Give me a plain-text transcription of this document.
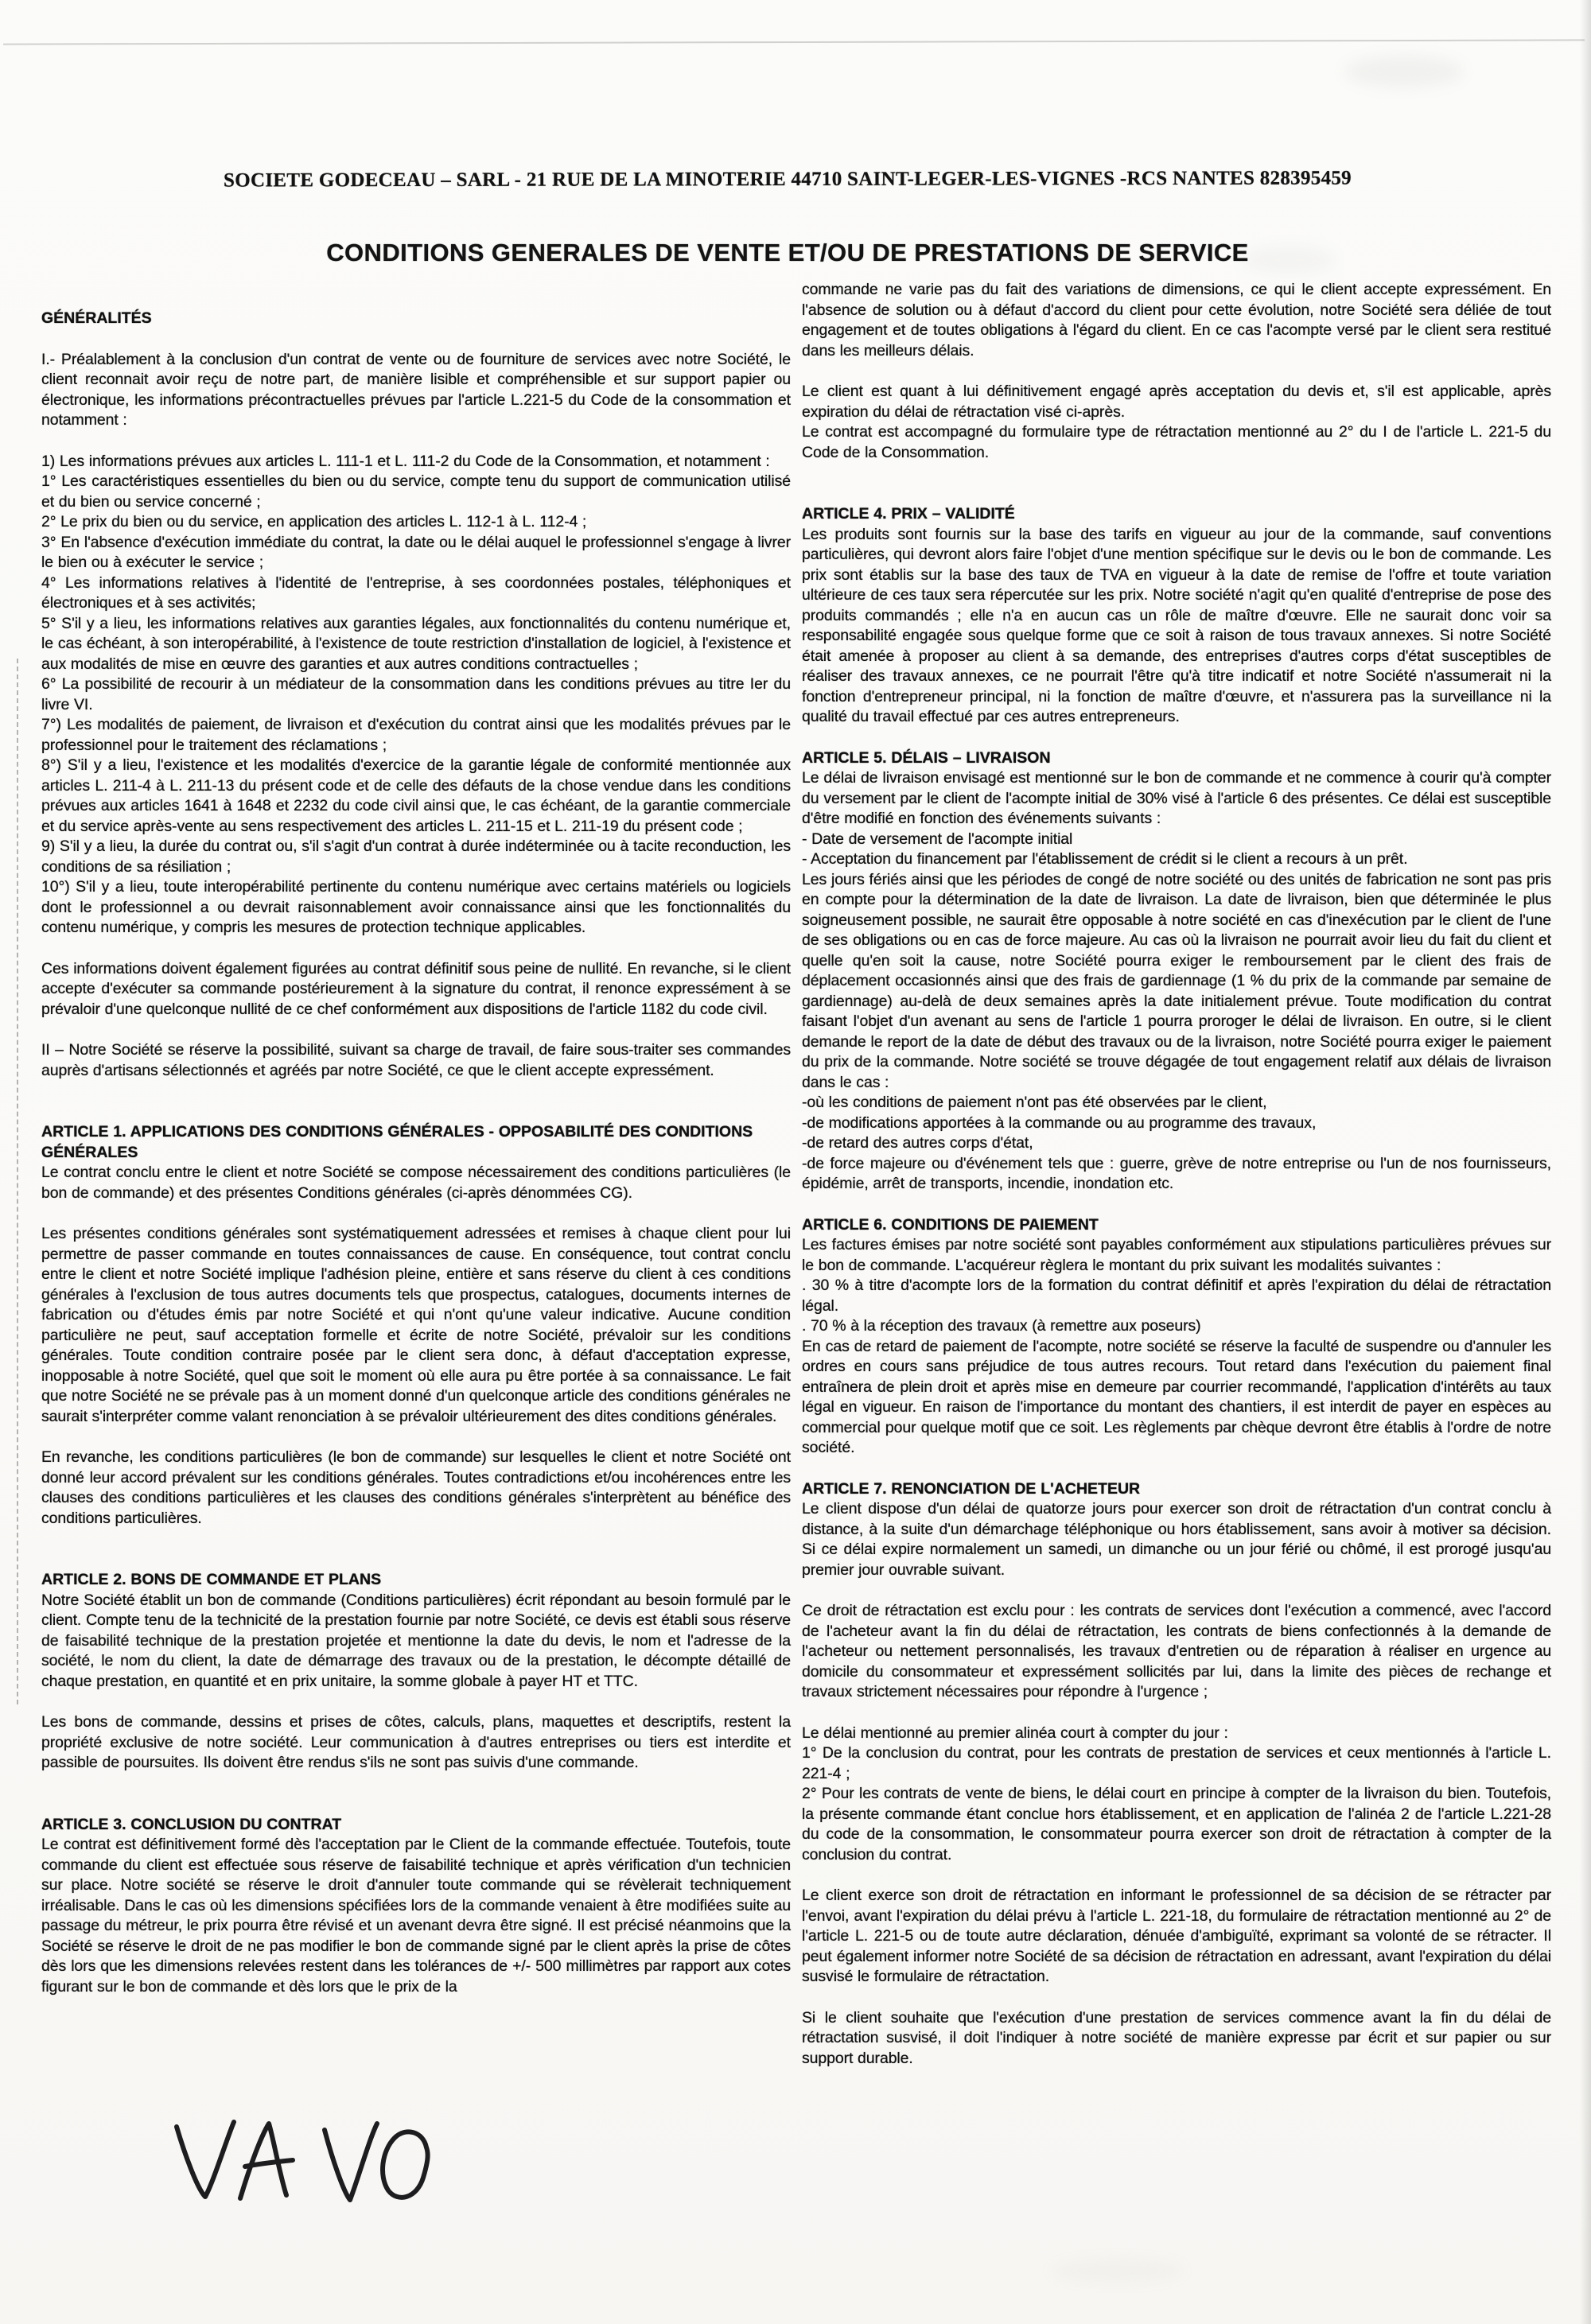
SOCIETE GODECEAU – SARL - 21 RUE DE LA MINOTERIE 44710 SAINT-LEGER-LES-VIGNES -RCS NANTES 828395459
CONDITIONS GENERALES DE VENTE ET/OU DE PRESTATIONS DE SERVICE
GÉNÉRALITÉS
I.- Préalablement à la conclusion d'un contrat de vente ou de fourniture de services avec notre Société, le client reconnait avoir reçu de notre part, de manière lisible et compréhensible et sur support papier ou électronique, les informations précontractuelles prévues par l'article L.221-5 du Code de la consommation et notamment :
1) Les informations prévues aux articles L. 111-1 et L. 111-2 du Code de la Consommation, et notamment :
1° Les caractéristiques essentielles du bien ou du service, compte tenu du support de communication utilisé et du bien ou service concerné ;
2° Le prix du bien ou du service, en application des articles L. 112-1 à L. 112-4 ;
3° En l'absence d'exécution immédiate du contrat, la date ou le délai auquel le professionnel s'engage à livrer le bien ou à exécuter le service ;
4° Les informations relatives à l'identité de l'entreprise, à ses coordonnées postales, téléphoniques et électroniques et à ses activités;
5° S'il y a lieu, les informations relatives aux garanties légales, aux fonctionnalités du contenu numérique et, le cas échéant, à son interopérabilité, à l'existence de toute restriction d'installation de logiciel, à l'existence et aux modalités de mise en œuvre des garanties et aux autres conditions contractuelles ;
6° La possibilité de recourir à un médiateur de la consommation dans les conditions prévues au titre Ier du livre VI.
7°) Les modalités de paiement, de livraison et d'exécution du contrat ainsi que les modalités prévues par le professionnel pour le traitement des réclamations ;
8°) S'il y a lieu, l'existence et les modalités d'exercice de la garantie légale de conformité mentionnée aux articles L. 211-4 à L. 211-13 du présent code et de celle des défauts de la chose vendue dans les conditions prévues aux articles 1641 à 1648 et 2232 du code civil ainsi que, le cas échéant, de la garantie commerciale et du service après-vente au sens respectivement des articles L. 211-15 et L. 211-19 du présent code ;
9) S'il y a lieu, la durée du contrat ou, s'il s'agit d'un contrat à durée indéterminée ou à tacite reconduction, les conditions de sa résiliation ;
10°) S'il y a lieu, toute interopérabilité pertinente du contenu numérique avec certains matériels ou logiciels dont le professionnel a ou devrait raisonnablement avoir connaissance ainsi que les fonctionnalités du contenu numérique, y compris les mesures de protection technique applicables.
Ces informations doivent également figurées au contrat définitif sous peine de nullité. En revanche, si le client accepte d'exécuter sa commande postérieurement à la signature du contrat, il renonce expressément à se prévaloir d'une quelconque nullité de ce chef conformément aux dispositions de l'article 1182 du code civil.
II – Notre Société se réserve la possibilité, suivant sa charge de travail, de faire sous-traiter ses commandes auprès d'artisans sélectionnés et agréés par notre Société, ce que le client accepte expressément.
ARTICLE 1. APPLICATIONS DES CONDITIONS GÉNÉRALES - OPPOSABILITÉ DES CONDITIONS GÉNÉRALES
Le contrat conclu entre le client et notre Société se compose nécessairement des conditions particulières (le bon de commande) et des présentes Conditions générales (ci-après dénommées CG).
Les présentes conditions générales sont systématiquement adressées et remises à chaque client pour lui permettre de passer commande en toutes connaissances de cause. En conséquence, tout contrat conclu entre le client et notre Société implique l'adhésion pleine, entière et sans réserve du client à ces conditions générales à l'exclusion de tous autres documents tels que prospectus, catalogues, documents internes de fabrication ou d'études émis par notre Société et qui n'ont qu'une valeur indicative. Aucune condition particulière ne peut, sauf acceptation formelle et écrite de notre Société, prévaloir sur les conditions générales. Toute condition contraire posée par le client sera donc, à défaut d'acceptation expresse, inopposable à notre Société, quel que soit le moment où elle aura pu être portée à sa connaissance. Le fait que notre Société ne se prévale pas à un moment donné d'un quelconque article des conditions générales ne saurait s'interpréter comme valant renonciation à se prévaloir ultérieurement des dites conditions générales.
En revanche, les conditions particulières (le bon de commande) sur lesquelles le client et notre Société ont donné leur accord prévalent sur les conditions générales. Toutes contradictions et/ou incohérences entre les clauses des conditions particulières et les clauses des conditions générales s'interprètent au bénéfice des conditions particulières.
ARTICLE 2. BONS DE COMMANDE ET PLANS
Notre Société établit un bon de commande (Conditions particulières) écrit répondant au besoin formulé par le client. Compte tenu de la technicité de la prestation fournie par notre Société, ce devis est établi sous réserve de faisabilité technique de la prestation projetée et mentionne la date du devis, le nom et l'adresse de la société, le nom du client, la date de démarrage des travaux ou de la prestation, le décompte détaillé de chaque prestation, en quantité et en prix unitaire, la somme globale à payer HT et TTC.
Les bons de commande, dessins et prises de côtes, calculs, plans, maquettes et descriptifs, restent la propriété exclusive de notre société. Leur communication à d'autres entreprises ou tiers est interdite et passible de poursuites. Ils doivent être rendus s'ils ne sont pas suivis d'une commande.
ARTICLE 3. CONCLUSION DU CONTRAT
Le contrat est définitivement formé dès l'acceptation par le Client de la commande effectuée. Toutefois, toute commande du client est effectuée sous réserve de faisabilité technique et après vérification d'un technicien sur place. Notre société se réserve le droit d'annuler toute commande qui se révèlerait techniquement irréalisable. Dans le cas où les dimensions spécifiées lors de la commande venaient à être modifiées suite au passage du métreur, le prix pourra être révisé et un avenant devra être signé. Il est précisé néanmoins que la Société se réserve le droit de ne pas modifier le bon de commande signé par le client après la prise de côtes dès lors que les dimensions relevées restent dans les tolérances de +/- 500 millimètres par rapport aux cotes figurant sur le bon de commande et dès lors que le prix de la
commande ne varie pas du fait des variations de dimensions, ce qui le client accepte expressément. En l'absence de solution ou à défaut d'accord du client pour cette évolution, notre Société sera déliée de tout engagement et de toutes obligations à l'égard du client. En ce cas l'acompte versé par le client sera restitué dans les meilleurs délais.
Le client est quant à lui définitivement engagé après acceptation du devis et, s'il est applicable, après expiration du délai de rétractation visé ci-après.
Le contrat est accompagné du formulaire type de rétractation mentionné au 2° du I de l'article L. 221-5 du Code de la Consommation.
ARTICLE 4. PRIX – VALIDITÉ
Les produits sont fournis sur la base des tarifs en vigueur au jour de la commande, sauf conventions particulières, qui devront alors faire l'objet d'une mention spécifique sur le devis ou le bon de commande. Les prix sont établis sur la base des taux de TVA en vigueur à la date de remise de l'offre et toute variation ultérieure de ces taux sera répercutée sur les prix. Notre société n'agit qu'en qualité d'entreprise de pose des produits commandés ; elle n'a en aucun cas un rôle de maître d'œuvre. Elle ne saurait donc voir sa responsabilité engagée sous quelque forme que ce soit à raison de tous travaux annexes. Si notre Société était amenée à proposer au client à sa demande, des entreprises d'autres corps d'état susceptibles de réaliser des travaux annexes, ce ne pourrait l'être qu'à titre indicatif et notre Société n'assumerait ni la fonction d'entrepreneur principal, ni la fonction de maître d'œuvre, et n'assurera pas la surveillance ni la qualité du travail effectué par ces autres entrepreneurs.
ARTICLE 5. DÉLAIS – LIVRAISON
Le délai de livraison envisagé est mentionné sur le bon de commande et ne commence à courir qu'à compter du versement par le client de l'acompte initial de 30% visé à l'article 6 des présentes. Ce délai est susceptible d'être modifié en fonction des événements suivants :
- Date de versement de l'acompte initial
- Acceptation du financement par l'établissement de crédit si le client a recours à un prêt.
Les jours fériés ainsi que les périodes de congé de notre société ou des unités de fabrication ne sont pas pris en compte pour la détermination de la date de livraison. La date de livraison, bien que déterminée le plus soigneusement possible, ne saurait être opposable à notre société en cas d'inexécution par le client de l'une de ses obligations ou en cas de force majeure. Au cas où la livraison ne pourrait avoir lieu du fait du client et quelle qu'en soit la cause, notre Société pourra exiger le remboursement par le client des frais de déplacement occasionnés ainsi que des frais de gardiennage (1 % du prix de la commande par semaine de gardiennage) au-delà de deux semaines après la date initialement prévue. Toute modification du contrat faisant l'objet d'un avenant au sens de l'article 1 pourra proroger le délai de livraison. En outre, si le client demande le report de la date de début des travaux ou de la livraison, notre Société pourra exiger le paiement du prix de la commande. Notre société se trouve dégagée de tout engagement relatif aux délais de livraison dans le cas :
-où les conditions de paiement n'ont pas été observées par le client,
-de modifications apportées à la commande ou au programme des travaux,
-de retard des autres corps d'état,
-de force majeure ou d'événement tels que : guerre, grève de notre entreprise ou l'un de nos fournisseurs, épidémie, arrêt de transports, incendie, inondation etc.
ARTICLE 6. CONDITIONS DE PAIEMENT
Les factures émises par notre société sont payables conformément aux stipulations particulières prévues sur le bon de commande. L'acquéreur règlera le montant du prix suivant les modalités suivantes :
. 30 % à titre d'acompte lors de la formation du contrat définitif et après l'expiration du délai de rétractation légal.
. 70 % à la réception des travaux (à remettre aux poseurs)
En cas de retard de paiement de l'acompte, notre société se réserve la faculté de suspendre ou d'annuler les ordres en cours sans préjudice de tous autres recours. Tout retard dans l'exécution du paiement final entraînera de plein droit et après mise en demeure par courrier recommandé, l'application d'intérêts au taux légal en vigueur. En raison de l'importance du montant des chantiers, il est interdit de payer en espèces au commercial pour quelque motif que ce soit. Les règlements par chèque devront être établis à l'ordre de notre société.
ARTICLE 7. RENONCIATION DE L'ACHETEUR
Le client dispose d'un délai de quatorze jours pour exercer son droit de rétractation d'un contrat conclu à distance, à la suite d'un démarchage téléphonique ou hors établissement, sans avoir à motiver sa décision. Si ce délai expire normalement un samedi, un dimanche ou un jour férié ou chômé, il est prorogé jusqu'au premier jour ouvrable suivant.
Ce droit de rétractation est exclu pour : les contrats de services dont l'exécution a commencé, avec l'accord de l'acheteur avant la fin du délai de rétractation, les contrats de biens confectionnés à la demande de l'acheteur ou nettement personnalisés, les travaux d'entretien ou de réparation à réaliser en urgence au domicile du consommateur et expressément sollicités par lui, dans la limite des pièces de rechange et travaux strictement nécessaires pour répondre à l'urgence ;
Le délai mentionné au premier alinéa court à compter du jour :
1° De la conclusion du contrat, pour les contrats de prestation de services et ceux mentionnés à l'article L. 221-4 ;
2° Pour les contrats de vente de biens, le délai court en principe à compter de la livraison du bien. Toutefois, la présente commande étant conclue hors établissement, et en application de l'alinéa 2 de l'article L.221-28 du code de la consommation, le consommateur pourra exercer son droit de rétractation à compter de la conclusion du contrat.
Le client exerce son droit de rétractation en informant le professionnel de sa décision de se rétracter par l'envoi, avant l'expiration du délai prévu à l'article L. 221-18, du formulaire de rétractation mentionné au 2° de l'article L. 221-5 ou de toute autre déclaration, dénuée d'ambiguïté, exprimant sa volonté de se rétracter. Il peut également informer notre Société de sa décision de rétractation en adressant, avant l'expiration du délai susvisé le formulaire de rétractation.
Si le client souhaite que l'exécution d'une prestation de services commence avant la fin du délai de rétractation susvisé, il doit l'indiquer à notre société de manière expresse par écrit et sur papier ou sur support durable.
